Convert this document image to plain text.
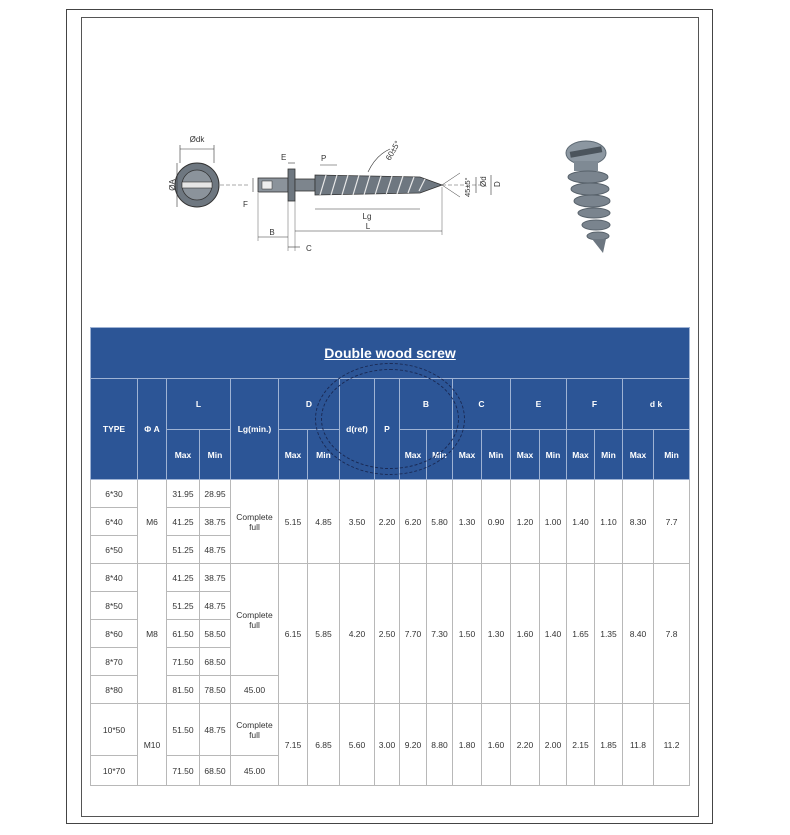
Ødk
ØA
E
F
P	60±5°
45±5° Ød D
Lg
L
B
C
Double wood screw																		
TYPE	Φ A	L		Lg(min.)	D		d(ref)	P	B		C		E		F		d k	
		Max	Min		Max	Min			Max	Min	Max	Min	Max	Min	Max	Min	Max	Min
6*30	M6	31.95	28.95	Complete full	5.15	4.85	3.50	2.20	6.20	5.80	1.30	0.90	1.20	1.00	1.40	1.10	8.30	7.7
6*40		41.25	38.75															
6*50		51.25	48.75															
8*40	M8	41.25	38.75	Complete full	6.15	5.85	4.20	2.50	7.70	7.30	1.50	1.30	1.60	1.40	1.65	1.35	8.40	7.8
8*50		51.25	48.75															
8*60		61.50	58.50															
8*70		71.50	68.50															
8*80		81.50	78.50	45.00														
10*50	M10	51.50	48.75	Complete full	7.15	6.85	5.60	3.00	9.20	8.80	1.80	1.60	2.20	2.00	2.15	1.85	11.8	11.2
10*70		71.50	68.50	45.00														
